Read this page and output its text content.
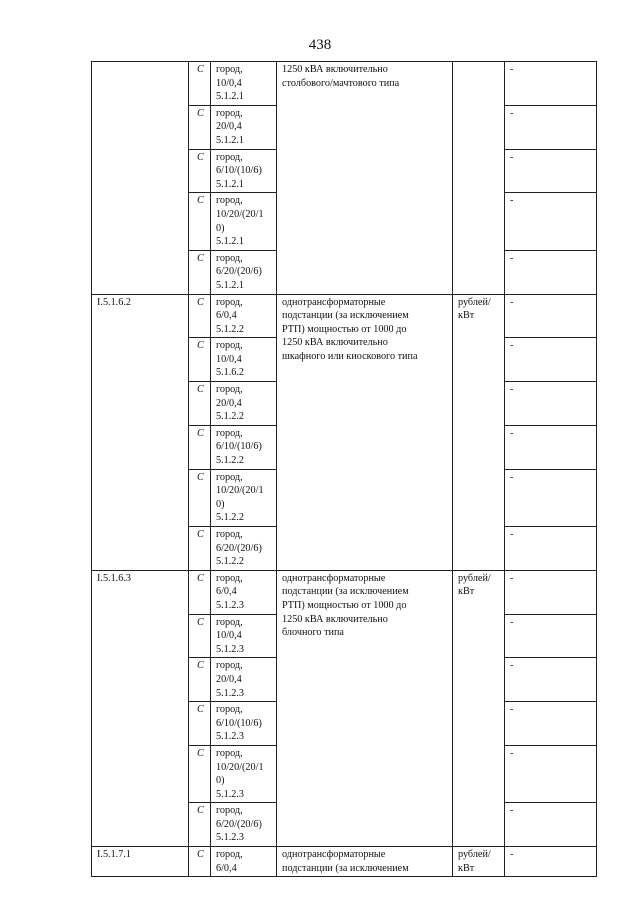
438

	C	город,
10/0,4
5.1.2.1	1250 кВА включительно
столбового/мачтового типа		-

	C	город,
20/0,4
5.1.2.1			-

	C	город,
6/10/(10/6)
5.1.2.1			-

	C	город,
10/20/(20/1
0)
5.1.2.1			-

	C	город,
6/20/(20/6)
5.1.2.1			-

I.5.1.6.2	C	город,
6/0,4
5.1.2.2	однотрансформаторные
подстанции (за исключением
РТП) мощностью от 1000 до
1250 кВА включительно
шкафного или киоскового типа	рублей/
кВт	-

	C	город,
10/0,4
5.1.6.2			-

	C	город,
20/0,4
5.1.2.2			-

	C	город,
6/10/(10/6)
5.1.2.2			-

	C	город,
10/20/(20/1
0)
5.1.2.2			-

	C	город,
6/20/(20/6)
5.1.2.2			-

I.5.1.6.3	C	город,
6/0,4
5.1.2.3	однотрансформаторные
подстанции (за исключением
РТП) мощностью от 1000 до
1250 кВА включительно
блочного типа	рублей/
кВт	-

	C	город,
10/0,4
5.1.2.3			-

	C	город,
20/0,4
5.1.2.3			-

	C	город,
6/10/(10/6)
5.1.2.3			-

	C	город,
10/20/(20/1
0)
5.1.2.3			-

	C	город,
6/20/(20/6)
5.1.2.3			-

I.5.1.7.1	C	город,
6/0,4	однотрансформаторные
подстанции (за исключением	рублей/
кВт	-
